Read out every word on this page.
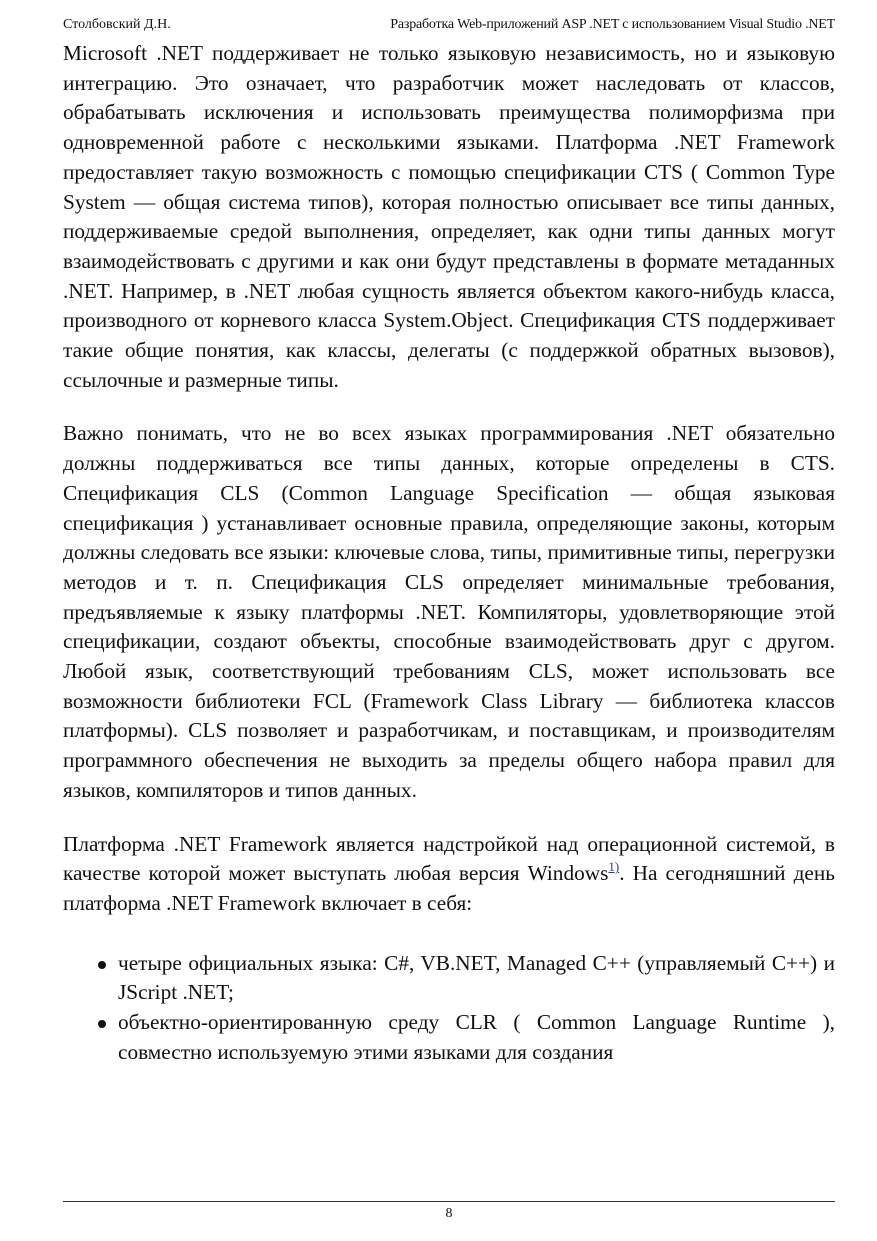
Столбовский Д.Н.	Разработка Web-приложений ASP .NET с использованием Visual Studio .NET

Microsoft .NET поддерживает не только языковую независимость, но и языковую интеграцию. Это означает, что разработчик может наследовать от классов, обрабатывать исключения и использовать преимущества полиморфизма при одновременной работе с несколькими языками. Платформа .NET Framework предоставляет такую возможность с помощью спецификации CTS ( Common Type System — общая система типов), которая полностью описывает все типы данных, поддерживаемые средой выполнения, определяет, как одни типы данных могут взаимодействовать с другими и как они будут представлены в формате метаданных .NET. Например, в .NET любая сущность является объектом какого-нибудь класса, производного от корневого класса System.Object. Спецификация CTS поддерживает такие общие понятия, как классы, делегаты (с поддержкой обратных вызовов), ссылочные и размерные типы.

Важно понимать, что не во всех языках программирования .NET обязательно должны поддерживаться все типы данных, которые определены в CTS. Спецификация CLS (Common Language Specification — общая языковая спецификация ) устанавливает основные правила, определяющие законы, которым должны следовать все языки: ключевые слова, типы, примитивные типы, перегрузки методов и т. п. Спецификация CLS определяет минимальные требования, предъявляемые к языку платформы .NET. Компиляторы, удовлетворяющие этой спецификации, создают объекты, способные взаимодействовать друг с другом. Любой язык, соответствующий требованиям CLS, может использовать все возможности библиотеки FCL (Framework Class Library — библиотека классов платформы). CLS позволяет и разработчикам, и поставщикам, и производителям программного обеспечения не выходить за пределы общего набора правил для языков, компиляторов и типов данных.

Платформа .NET Framework является надстройкой над операционной системой, в качестве которой может выступать любая версия Windows$^{1)}$. На сегодняшний день платформа .NET Framework включает в себя:

четыре официальных языка: C#, VB.NET, Managed C++ (управляемый C++) и JScript .NET;
объектно-ориентированную среду CLR ( Common Language Runtime ), совместно используемую этими языками для создания
8
